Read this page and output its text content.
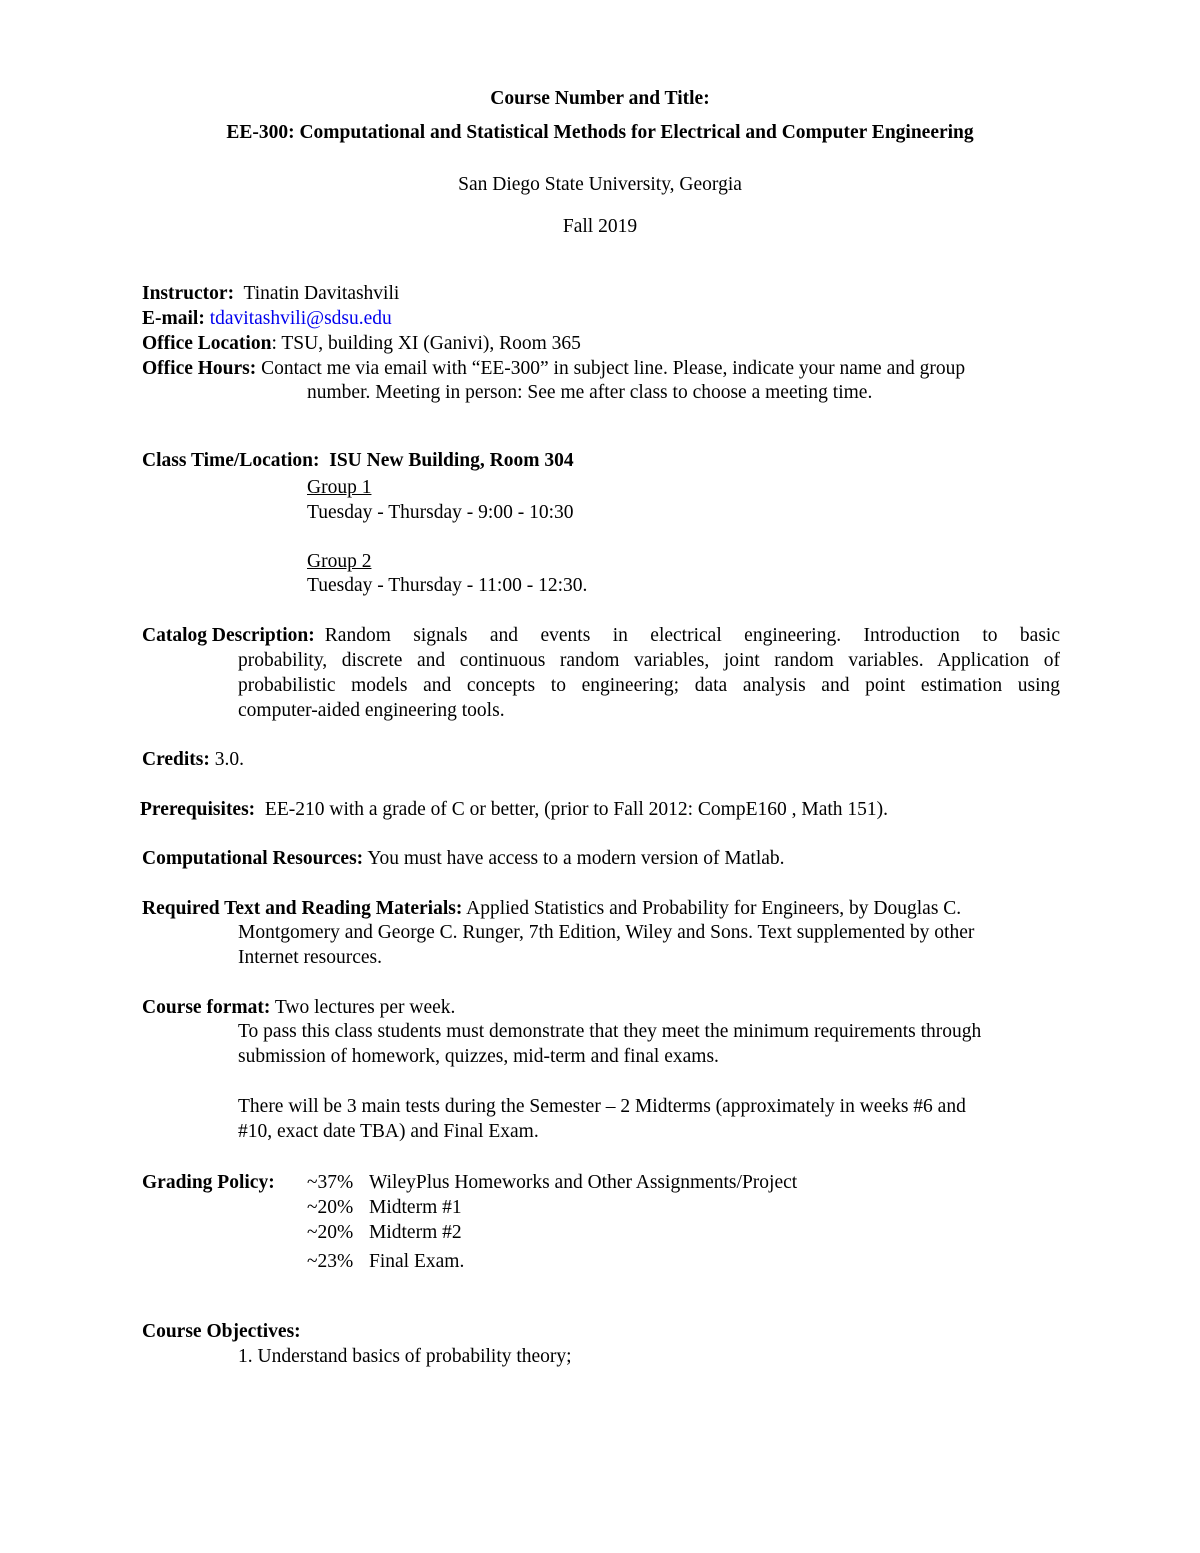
Course Number and Title:
EE-300: Computational and Statistical Methods for Electrical and Computer Engineering
San Diego State University, Georgia
Fall 2019
Instructor: Tinatin Davitashvili
E-mail: tdavitashvili@sdsu.edu
Office Location: TSU, building XI (Ganivi), Room 365
Office Hours: Contact me via email with “EE-300” in subject line. Please, indicate your name and group
number. Meeting in person: See me after class to choose a meeting time.
Class Time/Location: ISU New Building, Room 304
Group 1
Tuesday - Thursday - 9:00 - 10:30
Group 2
Tuesday - Thursday - 11:00 - 12:30.
Catalog Description: Random signals and events in electrical engineering. Introduction to basic
probability, discrete and continuous random variables, joint random variables. Application of
probabilistic models and concepts to engineering; data analysis and point estimation using
computer-aided engineering tools.
Credits: 3.0.
Prerequisites: EE-210 with a grade of C or better, (prior to Fall 2012: CompE160 , Math 151).
Computational Resources: You must have access to a modern version of Matlab.
Required Text and Reading Materials: Applied Statistics and Probability for Engineers, by Douglas C.
Montgomery and George C. Runger, 7th Edition, Wiley and Sons. Text supplemented by other
Internet resources.
Course format: Two lectures per week.
To pass this class students must demonstrate that they meet the minimum requirements through
submission of homework, quizzes, mid-term and final exams.
There will be 3 main tests during the Semester – 2 Midterms (approximately in weeks #6 and
#10, exact date TBA) and Final Exam.
Grading Policy: ~37% WileyPlus Homeworks and Other Assignments/Project
~20% Midterm #1
~20% Midterm #2
~23% Final Exam.
Course Objectives:
1. Understand basics of probability theory;
